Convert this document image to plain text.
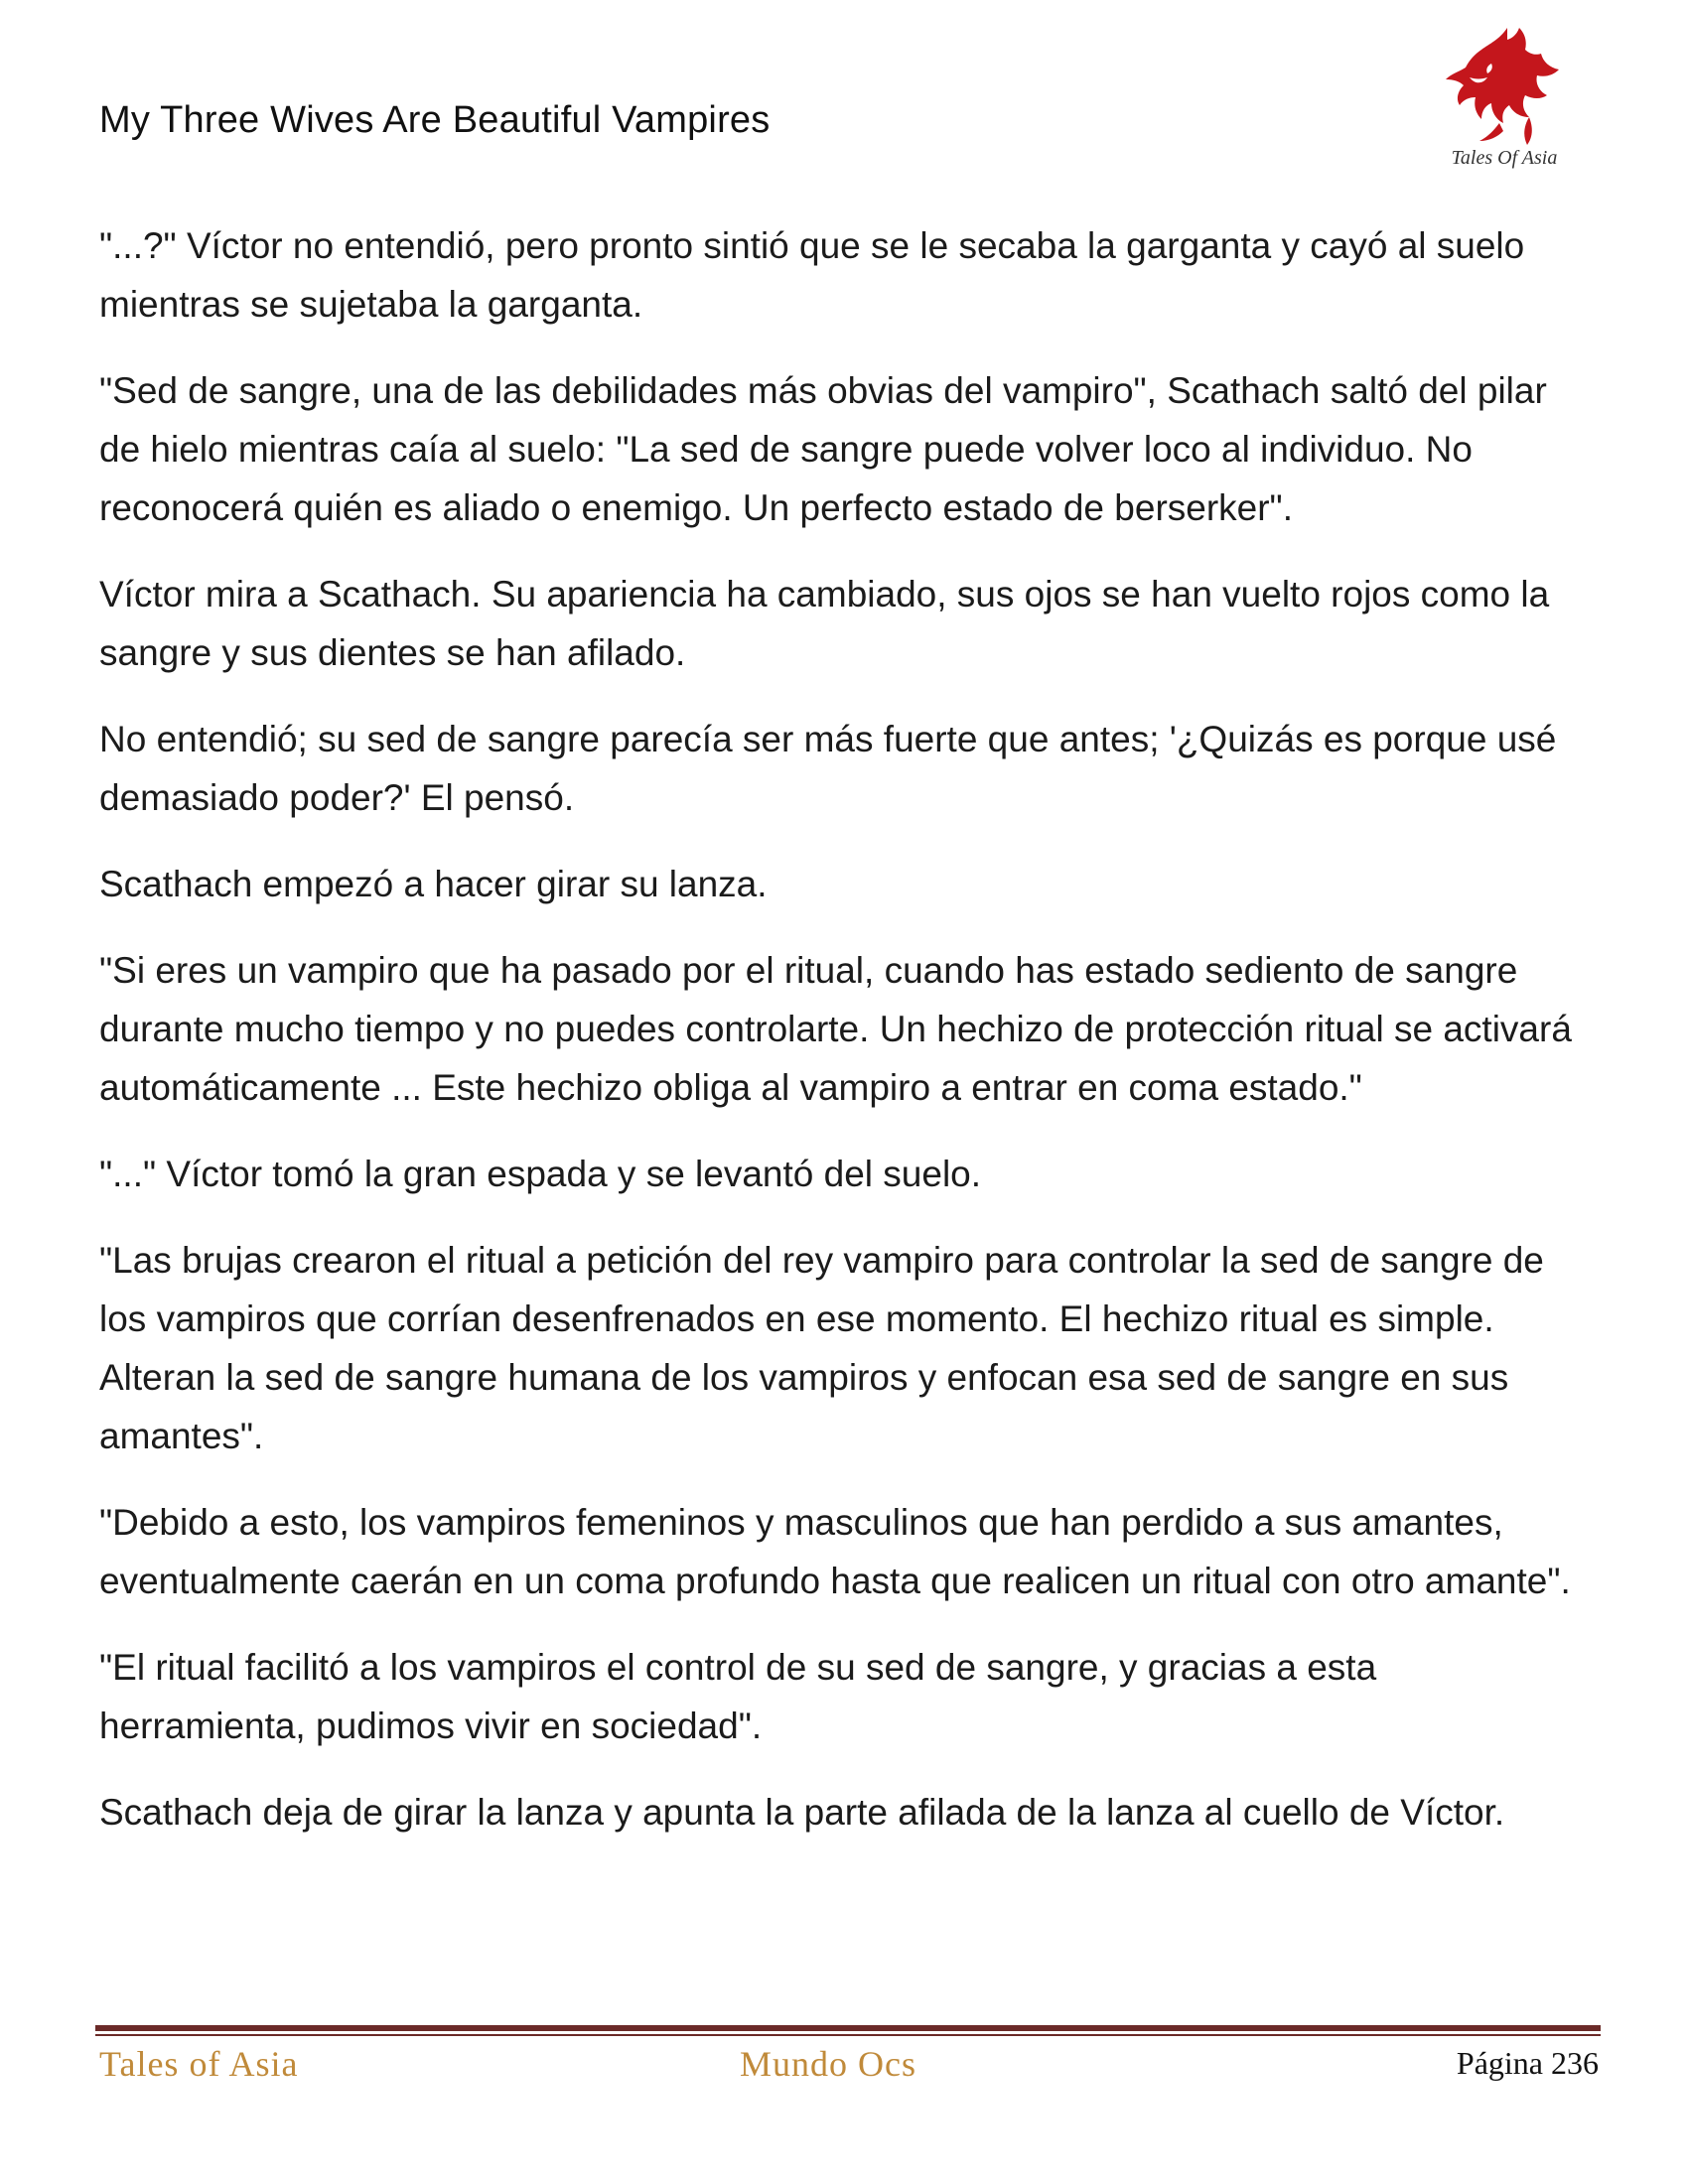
My Three Wives Are Beautiful Vampires
Tales Of Asia

"...?" Víctor no entendió, pero pronto sintió que se le secaba la garganta y cayó al suelo mientras se sujetaba la garganta.

"Sed de sangre, una de las debilidades más obvias del vampiro", Scathach saltó del pilar de hielo mientras caía al suelo: "La sed de sangre puede volver loco al individuo. No reconocerá quién es aliado o enemigo. Un perfecto estado de berserker".

Víctor mira a Scathach. Su apariencia ha cambiado, sus ojos se han vuelto rojos como la sangre y sus dientes se han afilado.

No entendió; su sed de sangre parecía ser más fuerte que antes; '¿Quizás es porque usé demasiado poder?' El pensó.

Scathach empezó a hacer girar su lanza.

"Si eres un vampiro que ha pasado por el ritual, cuando has estado sediento de sangre durante mucho tiempo y no puedes controlarte. Un hechizo de protección ritual se activará automáticamente ... Este hechizo obliga al vampiro a entrar en coma estado."

"..." Víctor tomó la gran espada y se levantó del suelo.

"Las brujas crearon el ritual a petición del rey vampiro para controlar la sed de sangre de los vampiros que corrían desenfrenados en ese momento. El hechizo ritual es simple. Alteran la sed de sangre humana de los vampiros y enfocan esa sed de sangre en sus amantes".

"Debido a esto, los vampiros femeninos y masculinos que han perdido a sus amantes, eventualmente caerán en un coma profundo hasta que realicen un ritual con otro amante".

"El ritual facilitó a los vampiros el control de su sed de sangre, y gracias a esta herramienta, pudimos vivir en sociedad".

Scathach deja de girar la lanza y apunta la parte afilada de la lanza al cuello de Víctor.

Tales of Asia	Mundo Ocs	Página 236
